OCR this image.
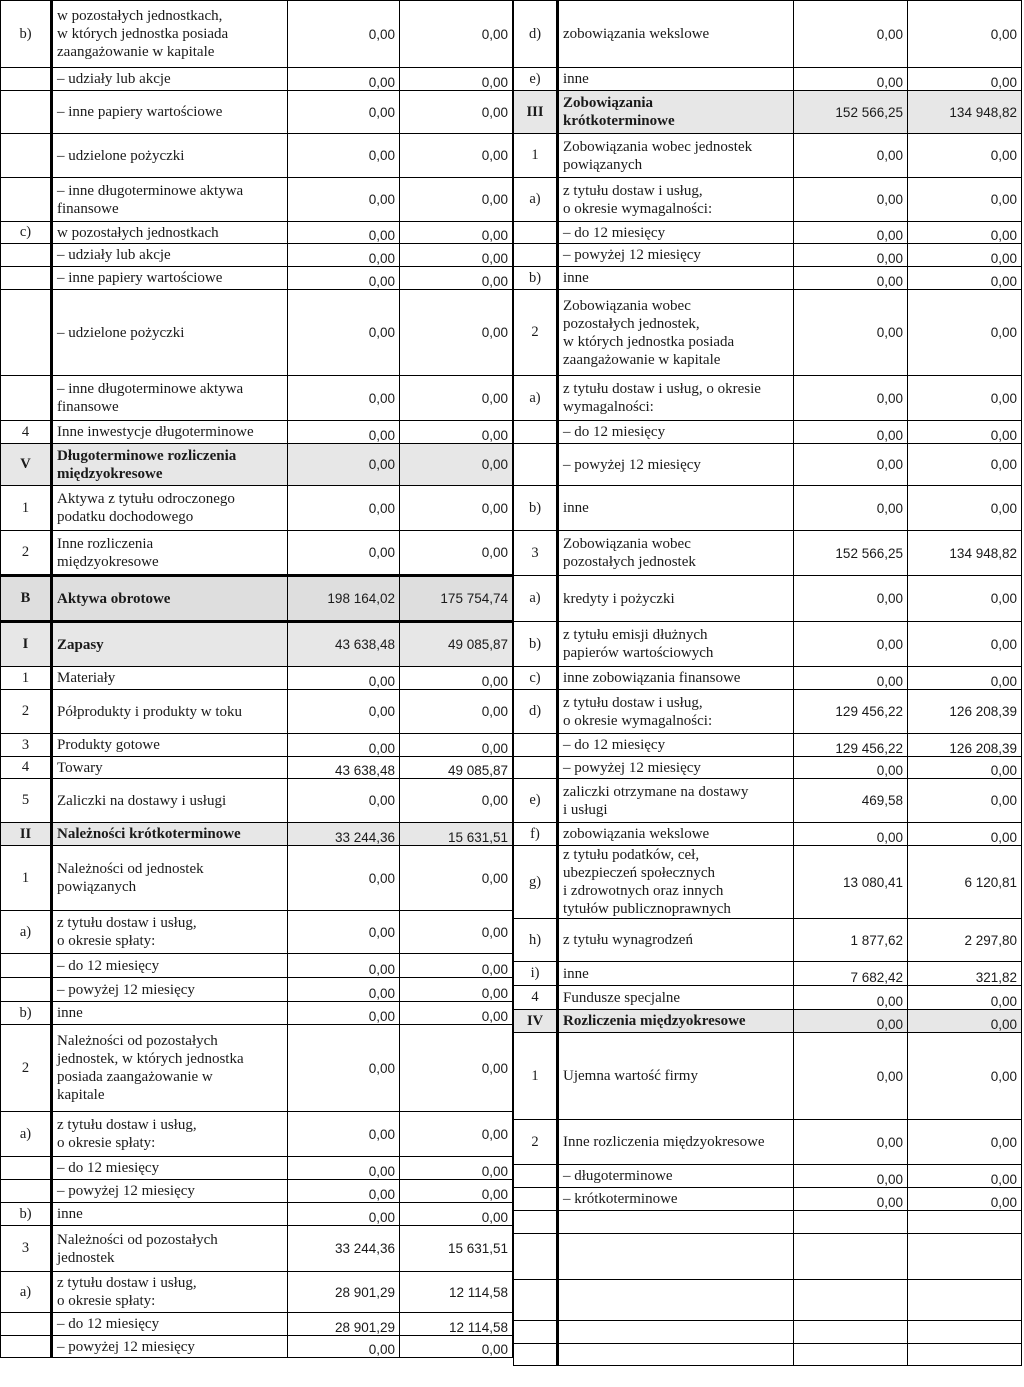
b)	w pozostałych jednostkach,
w których jednostka posiada
zaangażowanie w kapitale	0,00	0,00
	– udziały lub akcje	0,00	0,00
	– inne papiery wartościowe	0,00	0,00
	– udzielone pożyczki	0,00	0,00
	– inne długoterminowe aktywa
finansowe	0,00	0,00
c)	w pozostałych jednostkach	0,00	0,00
	– udziały lub akcje	0,00	0,00
	– inne papiery wartościowe	0,00	0,00
	– udzielone pożyczki	0,00	0,00
	– inne długoterminowe aktywa
finansowe	0,00	0,00
4	Inne inwestycje długoterminowe	0,00	0,00
V	Długoterminowe rozliczenia
międzyokresowe	0,00	0,00
1	Aktywa z tytułu odroczonego
podatku dochodowego	0,00	0,00
2	Inne rozliczenia
międzyokresowe	0,00	0,00
B	Aktywa obrotowe	198 164,02	175 754,74
I	Zapasy	43 638,48	49 085,87
1	Materiały	0,00	0,00
2	Półprodukty i produkty w toku	0,00	0,00
3	Produkty gotowe	0,00	0,00
4	Towary	43 638,48	49 085,87
5	Zaliczki na dostawy i usługi	0,00	0,00
II	Należności krótkoterminowe	33 244,36	15 631,51
1	Należności od jednostek
powiązanych	0,00	0,00
a)	z tytułu dostaw i usług,
o okresie spłaty:	0,00	0,00
	– do 12 miesięcy	0,00	0,00
	– powyżej 12 miesięcy	0,00	0,00
b)	inne	0,00	0,00
2	Należności od pozostałych
jednostek, w których jednostka
posiada zaangażowanie w
kapitale	0,00	0,00
a)	z tytułu dostaw i usług,
o okresie spłaty:	0,00	0,00
	– do 12 miesięcy	0,00	0,00
	– powyżej 12 miesięcy	0,00	0,00
b)	inne	0,00	0,00
3	Należności od pozostałych
jednostek	33 244,36	15 631,51
a)	z tytułu dostaw i usług,
o okresie spłaty:	28 901,29	12 114,58
	– do 12 miesięcy	28 901,29	12 114,58
	– powyżej 12 miesięcy	0,00	0,00
d)	zobowiązania wekslowe	0,00	0,00
e)	inne	0,00	0,00
III	Zobowiązania
krótkoterminowe	152 566,25	134 948,82
1	Zobowiązania wobec jednostek
powiązanych	0,00	0,00
a)	z tytułu dostaw i usług,
o okresie wymagalności:	0,00	0,00
	– do 12 miesięcy	0,00	0,00
	– powyżej 12 miesięcy	0,00	0,00
b)	inne	0,00	0,00
2	Zobowiązania wobec
pozostałych jednostek,
w których jednostka posiada
zaangażowanie w kapitale	0,00	0,00
a)	z tytułu dostaw i usług, o okresie
wymagalności:	0,00	0,00
	– do 12 miesięcy	0,00	0,00
	– powyżej 12 miesięcy	0,00	0,00
b)	inne	0,00	0,00
3	Zobowiązania wobec
pozostałych jednostek	152 566,25	134 948,82
a)	kredyty i pożyczki	0,00	0,00
b)	z tytułu emisji dłużnych
papierów wartościowych	0,00	0,00
c)	inne zobowiązania finansowe	0,00	0,00
d)	z tytułu dostaw i usług,
o okresie wymagalności:	129 456,22	126 208,39
	– do 12 miesięcy	129 456,22	126 208,39
	– powyżej 12 miesięcy	0,00	0,00
e)	zaliczki otrzymane na dostawy
i usługi	469,58	0,00
f)	zobowiązania wekslowe	0,00	0,00
g)	z tytułu podatków, ceł,
ubezpieczeń społecznych
i zdrowotnych oraz innych
tytułów publicznoprawnych	13 080,41	6 120,81
h)	z tytułu wynagrodzeń	1 877,62	2 297,80
i)	inne	7 682,42	321,82
4	Fundusze specjalne	0,00	0,00
IV	Rozliczenia międzyokresowe	0,00	0,00
1	Ujemna wartość firmy	0,00	0,00
2	Inne rozliczenia międzyokresowe	0,00	0,00
	– długoterminowe	0,00	0,00
	– krótkoterminowe	0,00	0,00
